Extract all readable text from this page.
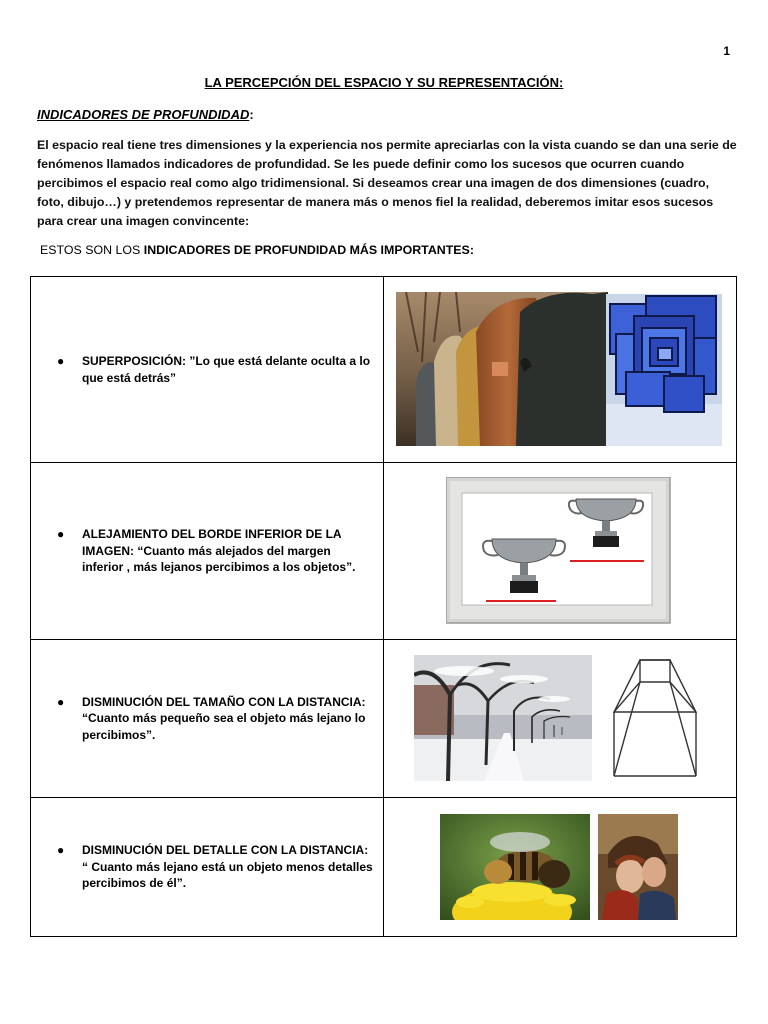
1
LA PERCEPCIÓN DEL ESPACIO Y SU REPRESENTACIÓN:
INDICADORES DE PROFUNDIDAD:
El espacio real tiene tres dimensiones y la experiencia nos permite apreciarlas con la vista cuando se dan una serie de fenómenos llamados indicadores de profundidad. Se les puede definir como los sucesos que ocurren cuando percibimos el espacio real como algo tridimensional. Si deseamos crear una imagen de dos dimensiones (cuadro, foto, dibujo…) y pretendemos representar de manera más o menos fiel la realidad, deberemos imitar esos sucesos para crear una imagen convincente:
ESTOS SON LOS INDICADORES DE PROFUNDIDAD MÁS IMPORTANTES:
● SUPERPOSICIÓN: ”Lo que está delante oculta a lo que está detrás”

● ALEJAMIENTO DEL BORDE INFERIOR DE LA IMAGEN: “Cuanto más alejados del margen inferior , más lejanos percibimos a los objetos”.

● DISMINUCIÓN DEL TAMAÑO CON LA DISTANCIA: “Cuanto más pequeño sea el objeto más lejano lo percibimos”.

● DISMINUCIÓN DEL DETALLE CON LA DISTANCIA: “ Cuanto más lejano está un objeto menos detalles percibimos de él”.
